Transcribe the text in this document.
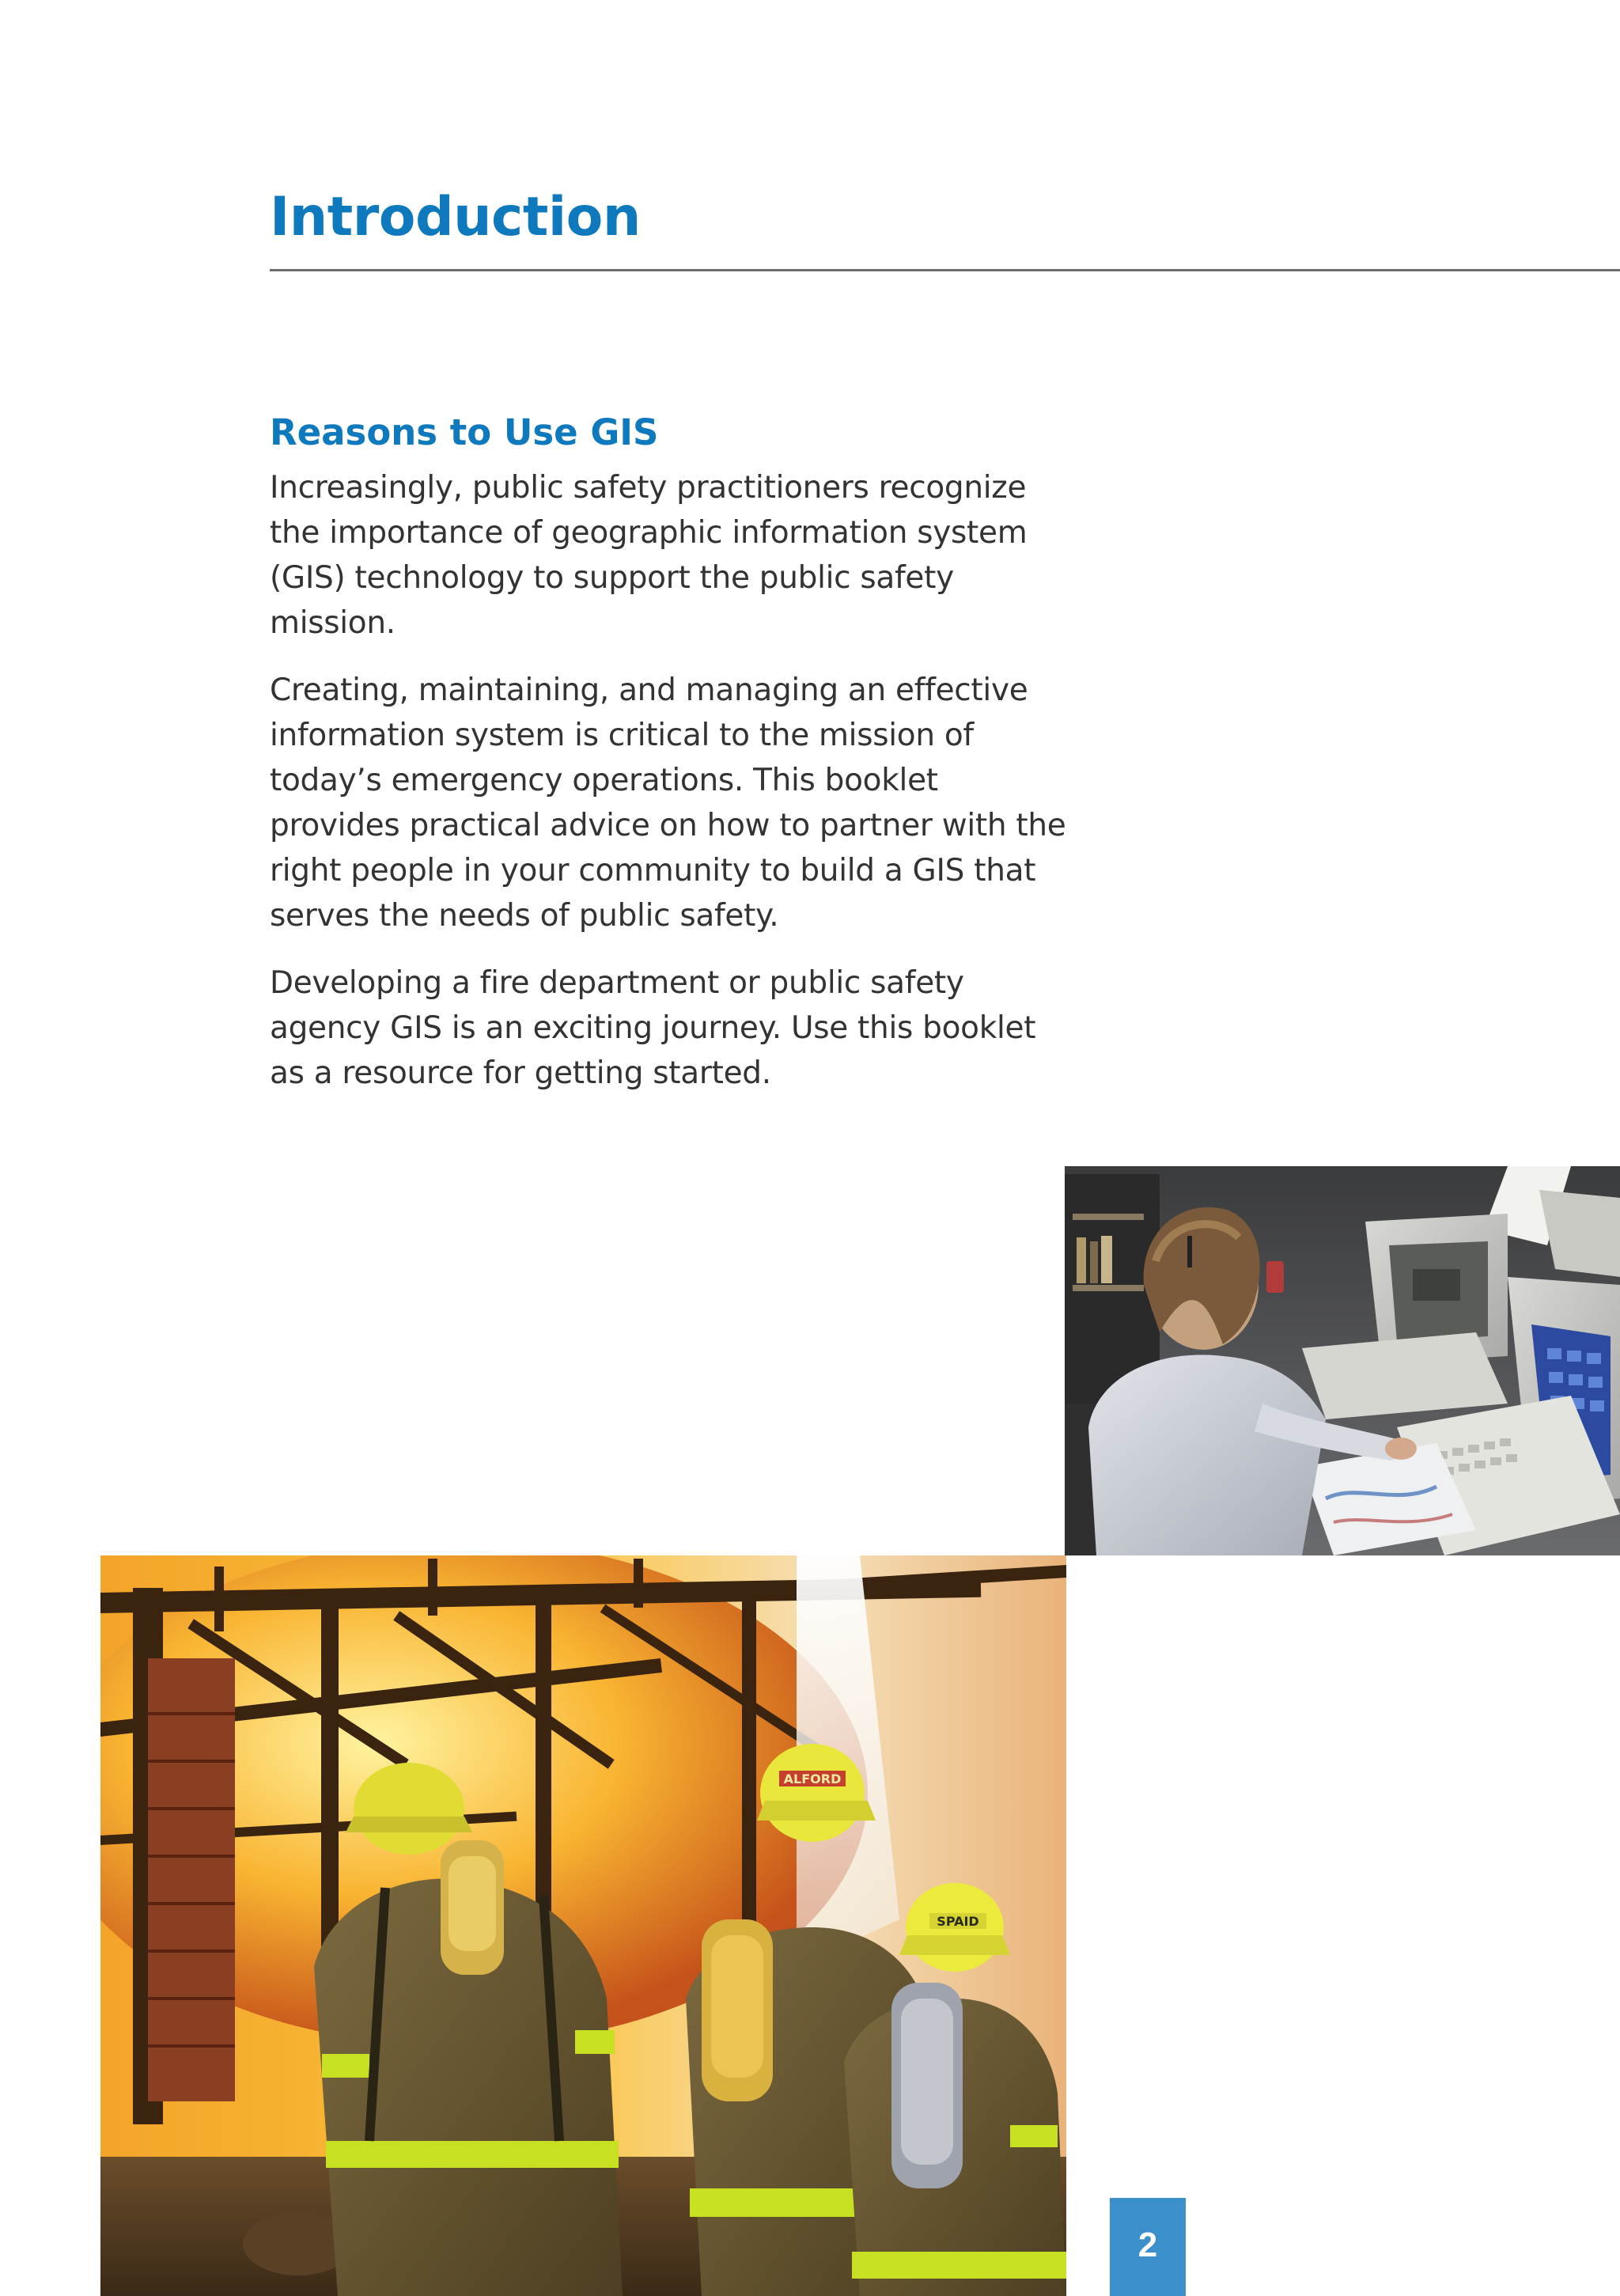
Introduction
Reasons to Use GIS

Increasingly, public safety practitioners recognize the importance of geographic information system (GIS) technology to support the public safety mission.

Creating, maintaining, and managing an effective information system is critical to the mission of today’s emergency operations. This booklet provides practical advice on how to partner with the right people in your community to build a GIS that serves the needs of public safety.

Developing a fire department or public safety agency GIS is an exciting journey. Use this booklet as a resource for getting started.

ALFORD
SPAID
2
